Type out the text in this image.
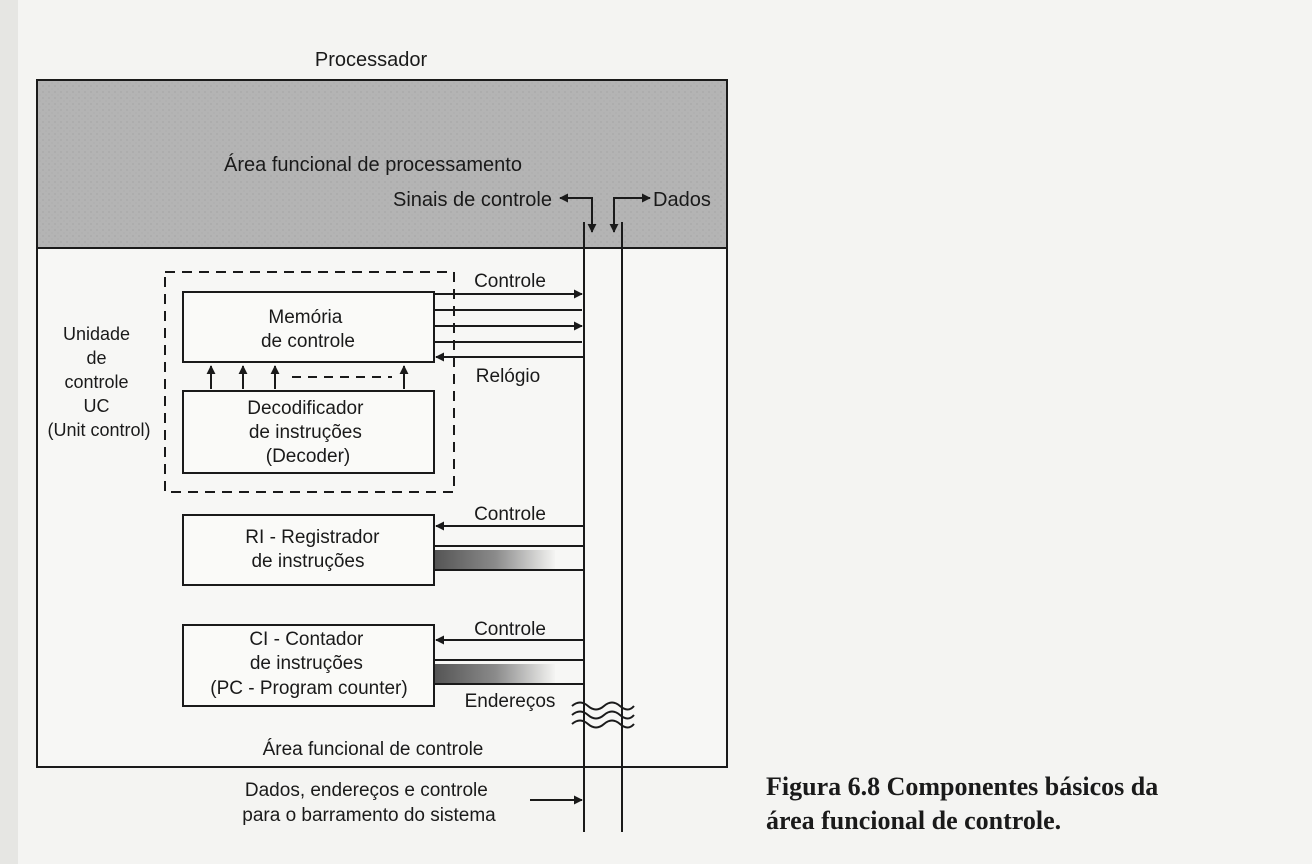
Processador
Área funcional de processamento
Sinais de controle	Dados
Unidade de controle UC (Unit control)
Memória de controle
Decodificador de instruções (Decoder)
Controle
Relógio
RI - Registrador de instruções
Controle
CI - Contador de instruções (PC - Program counter)
Controle
Endereços
Área funcional de controle
Dados, endereços e controle para o barramento do sistema
Figura 6.8 Componentes básicos da
área funcional de controle.
